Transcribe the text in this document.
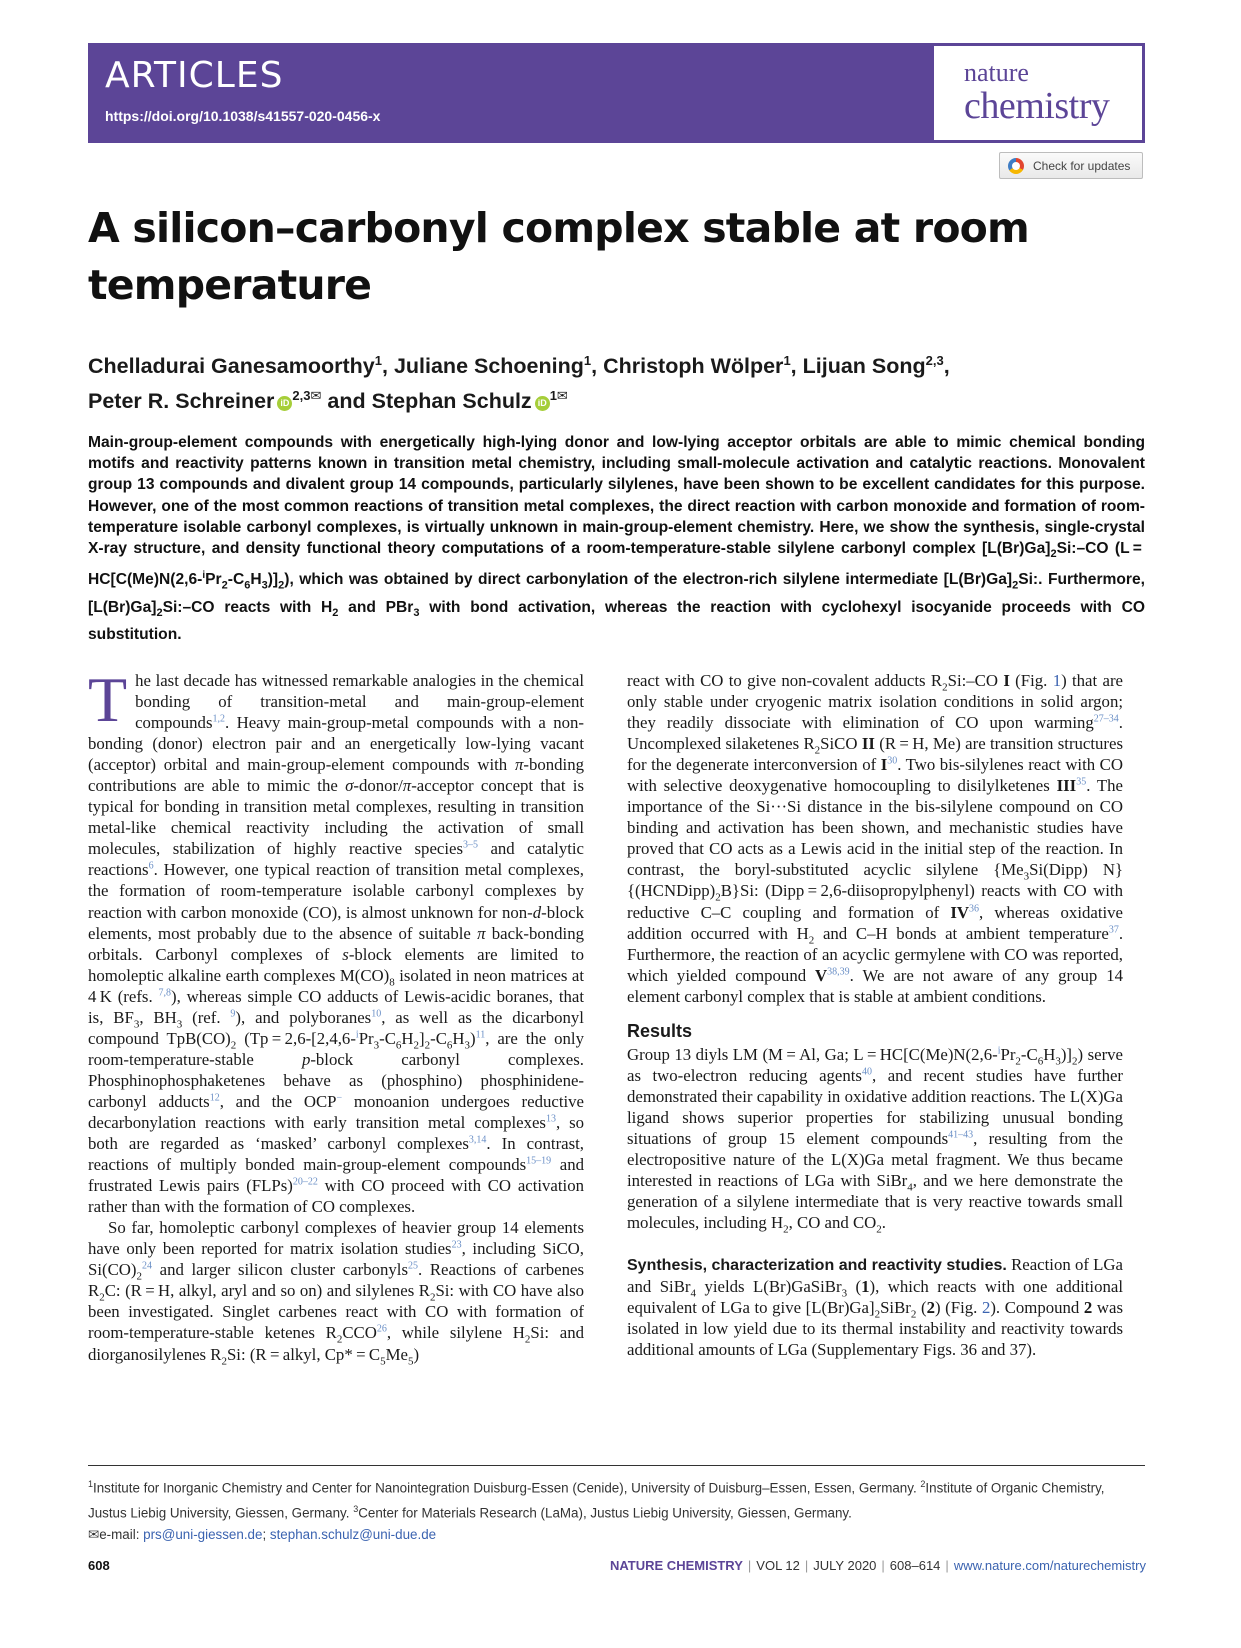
ARTICLES
https://doi.org/10.1038/s41557-020-0456-x
nature
chemistry
Check for updates
A silicon–carbonyl complex stable at room temperature
Chelladurai Ganesamoorthy$^1$, Juliane Schoening$^1$, Christoph Wölper$^1$, Lijuan Song$^{2,3}$,
Peter R. Schreiner $iD^{2,3✉}$ and Stephan Schulz $iD^{1✉}$

Main-group-element compounds with energetically high-lying donor and low-lying acceptor orbitals are able to mimic chemical bonding motifs and reactivity patterns known in transition metal chemistry, including small-molecule activation and catalytic reactions. Monovalent group 13 compounds and divalent group 14 compounds, particularly silylenes, have been shown to be excellent candidates for this purpose. However, one of the most common reactions of transition metal complexes, the direct reaction with carbon monoxide and formation of room-temperature isolable carbonyl complexes, is virtually unknown in main-group-element chemistry. Here, we show the synthesis, single-crystal X-ray structure, and density functional theory computations of a room-temperature-stable silylene carbonyl complex $[L(Br)Ga]_2Si:-CO$ $(L = HC[C(Me)N(2,6-^iPr_2-C_6H_3)]_2)$, which was obtained by direct carbonylation of the electron-rich silylene intermediate $[L(Br)Ga]_2Si$:. Furthermore, $[L(Br)Ga]_2Si:-CO$ reacts with $H_2$ and PBr$_3$ with bond activation, whereas the reaction with cyclohexyl isocyanide proceeds with CO substitution.

The last decade has witnessed remarkable analogies in the chemical bonding of transition-metal and main-group-element compounds$^{1,2}$. Heavy main-group-metal compounds with a non-bonding (donor) electron pair and an energetically low-lying vacant (acceptor) orbital and main-group-element compounds with π-bonding contributions are able to mimic the σ-donor/π-acceptor concept that is typical for bonding in transition metal complexes, resulting in transition metal-like chemical reactivity including the activation of small molecules, stabilization of highly reactive species$^{3-5}$ and catalytic reactions$^6$. However, one typical reaction of transition metal complexes, the formation of room-temperature isolable carbonyl complexes by reaction with carbon monoxide (CO), is almost unknown for non-d-block elements, most probably due to the absence of suitable π back-bonding orbitals. Carbonyl complexes of s-block elements are limited to homoleptic alkaline earth complexes $M(CO)_8$ isolated in neon matrices at 4 K (refs. $^{7,8}$), whereas simple CO adducts of Lewis-acidic boranes, that is, $BF_3$, $BH_3$ (ref. $^9$), and polyboranes$^{10}$, as well as the dicarbonyl compound $TpB(CO)_2$ $(Tp = 2,6-[2,4,6-^iPr_3-C_6H_2]_2-C_6H_3)^{11}$, are the only room-temperature-stable p-block carbonyl complexes. Phosphinophosphaketenes behave as (phosphino) phosphinidene-carbonyl adducts$^{12}$, and the OCP− monoanion undergoes reductive decarbonylation reactions with early transition metal complexes$^{13}$, so both are regarded as ‘masked’ carbonyl complexes$^{3,14}$. In contrast, reactions of multiply bonded main-group-element compounds$^{15-19}$ and frustrated Lewis pairs (FLPs)$^{20-22}$ with CO proceed with CO activation rather than with the formation of CO complexes.

So far, homoleptic carbonyl complexes of heavier group 14 elements have only been reported for matrix isolation studies$^{23}$, including SiCO, $Si(CO)_2^{24}$ and larger silicon cluster carbonyls$^{25}$. Reactions of carbenes $R_2C$: (R = H, alkyl, aryl and so on) and silylenes $R_2Si$: with CO have also been investigated. Singlet carbenes react with CO with formation of room-temperature-stable ketenes $R_2CCO^{26}$, while silylene $H_2Si$: and diorganosilylenes $R_2Si$: (R = alkyl, $Cp* = C_5Me_5$)

react with CO to give non-covalent adducts $R_2Si:-CO$ I (Fig. 1) that are only stable under cryogenic matrix isolation conditions in solid argon; they readily dissociate with elimination of CO upon warming$^{27-34}$. Uncomplexed silaketenes $R_2SiCO$ II (R = H, Me) are transition structures for the degenerate interconversion of $I^{30}$. Two bis-silylenes react with CO with selective deoxygenative homocoupling to disilylketenes III$^{35}$. The importance of the Si···Si distance in the bis-silylene compound on CO binding and activation has been shown, and mechanistic studies have proved that CO acts as a Lewis acid in the initial step of the reaction. In contrast, the boryl-substituted acyclic silylene {$Me_3Si(Dipp)$ $N\}\{(HCNDipp)_2B\}Si$: (Dipp = 2,6-diisopropylphenyl) reacts with CO with reductive C–C coupling and formation of IV$^{36}$, whereas oxidative addition occurred with $H_2$ and C–H bonds at ambient temperature$^{37}$. Furthermore, the reaction of an acyclic germylene with CO was reported, which yielded compound V$^{38,39}$. We are not aware of any group 14 element carbonyl complex that is stable at ambient conditions.

Results

Group 13 diyls LM (M = Al, Ga; $L = HC[C(Me)N(2,6-^iPr_2-C_6H_3)]_2$) serve as two-electron reducing agents$^{40}$, and recent studies have further demonstrated their capability in oxidative addition reactions. The L(X)Ga ligand shows superior properties for stabilizing unusual bonding situations of group 15 element compounds$^{41-43}$, resulting from the electropositive nature of the L(X)Ga metal fragment. We thus became interested in reactions of LGa with SiBr$_4$, and we here demonstrate the generation of a silylene intermediate that is very reactive towards small molecules, including $H_2$, CO and $CO_2$.

Synthesis, characterization and reactivity studies. Reaction of LGa and SiBr$_4$ yields L(Br)GaSiBr$_3$ (1), which reacts with one additional equivalent of LGa to give $[L(Br)Ga]_2SiBr_2$ (2) (Fig. 2). Compound 2 was isolated in low yield due to its thermal instability and reactivity towards additional amounts of LGa (Supplementary Figs. 36 and 37).

$^1$Institute for Inorganic Chemistry and Center for Nanointegration Duisburg-Essen (Cenide), University of Duisburg–Essen, Essen, Germany. $^2$Institute of Organic Chemistry, Justus Liebig University, Giessen, Germany. $^3$Center for Materials Research (LaMa), Justus Liebig University, Giessen, Germany.
✉e-mail: prs@uni-giessen.de; stephan.schulz@uni-due.de

608	NATURE CHEMISTRY | VOL 12 | JULY 2020 | 608–614 | www.nature.com/naturechemistry
